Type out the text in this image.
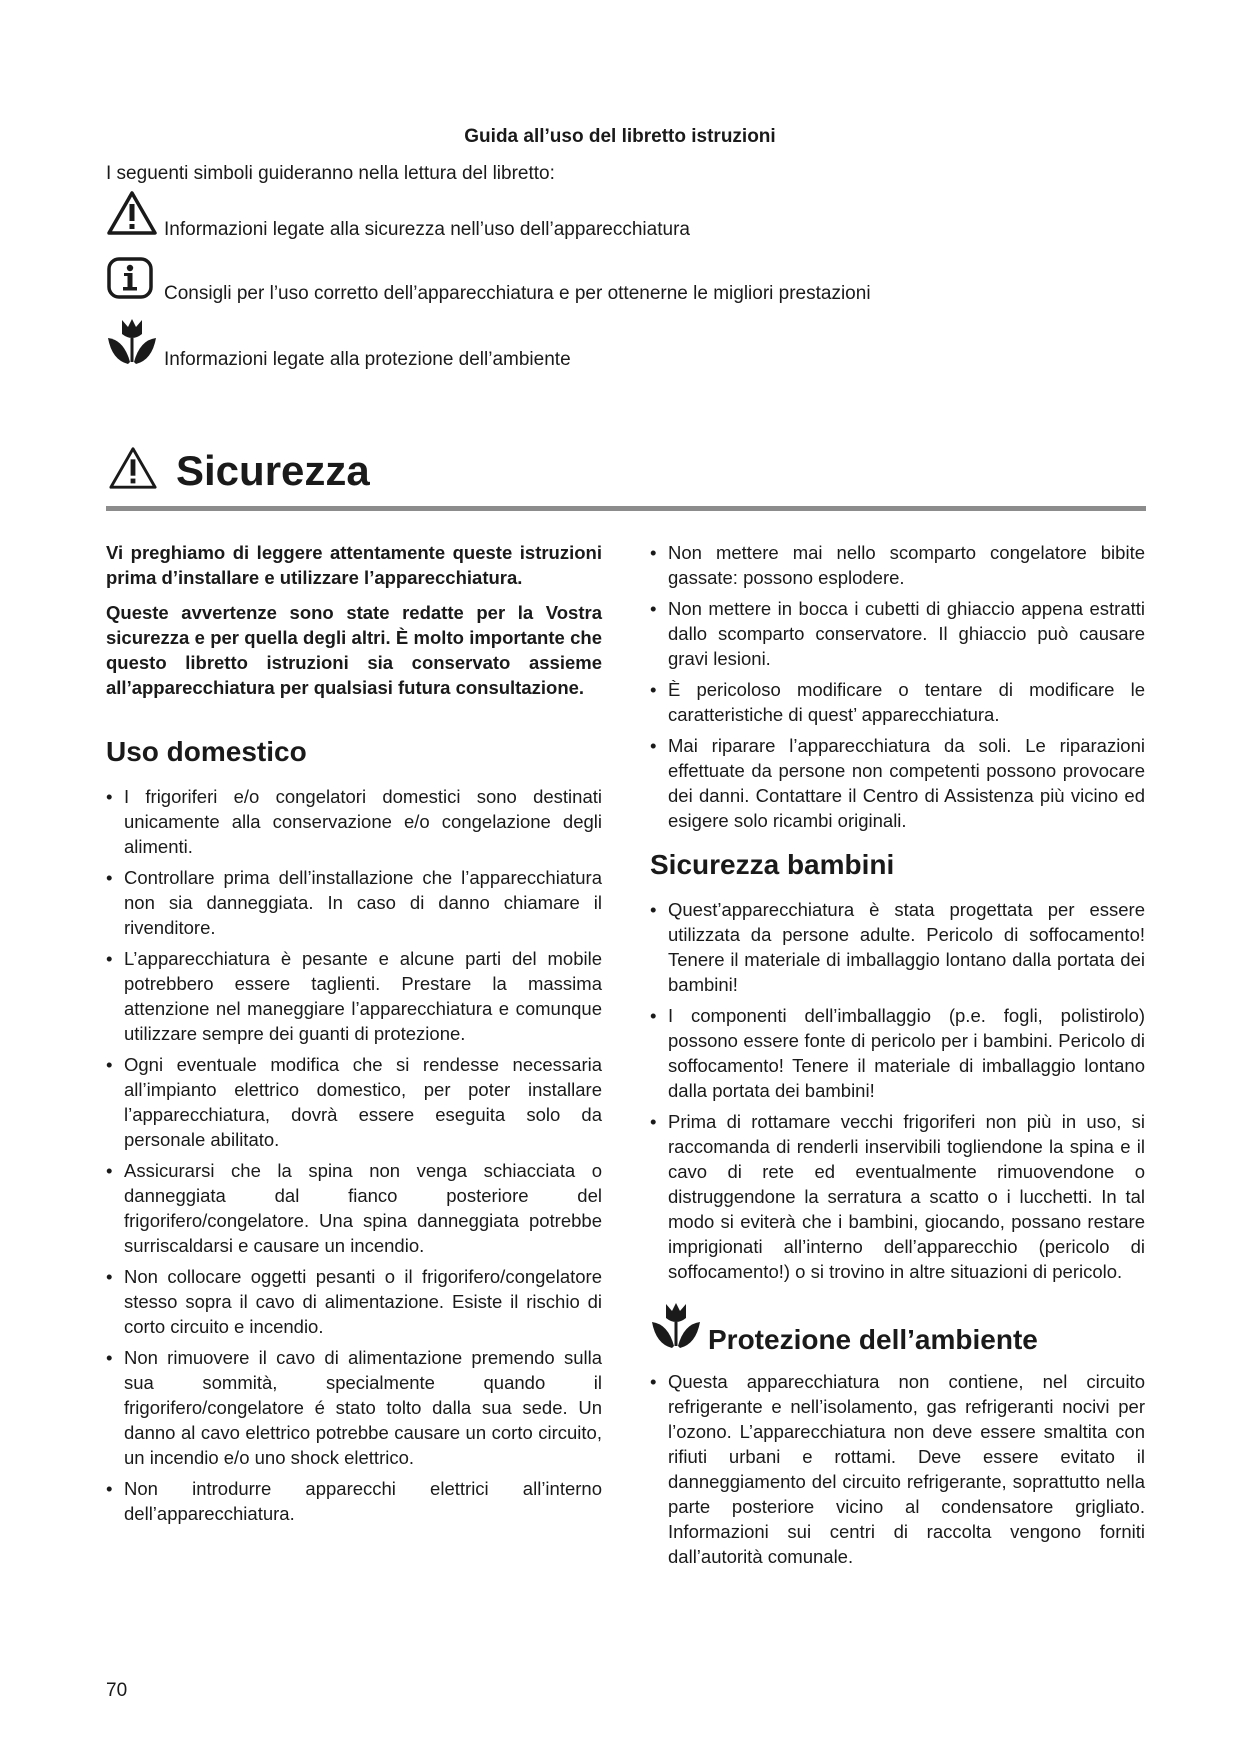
Guida all’uso del libretto istruzioni
I seguenti simboli guideranno nella lettura del libretto:
Informazioni legate alla sicurezza nell’uso dell’apparecchiatura
Consigli per l’uso corretto dell’apparecchiatura e per ottenerne le migliori prestazioni
Informazioni legate alla protezione dell’ambiente
Sicurezza

Vi preghiamo di leggere attentamente queste istruzioni prima d’installare e utilizzare l’apparecchiatura.

Queste avvertenze sono state redatte per la Vostra sicurezza e per quella degli altri. È molto importante che questo libretto istruzioni sia conservato assieme all’apparecchiatura per qualsiasi futura consultazione.

Uso domestico
• I frigoriferi e/o congelatori domestici sono destinati unicamente alla conservazione e/o congelazione degli alimenti.
• Controllare prima dell’installazione che l’apparecchiatura non sia danneggiata. In caso di danno chiamare il rivenditore.
• L’apparecchiatura è pesante e alcune parti del mobile potrebbero essere taglienti. Prestare la massima attenzione nel maneggiare l’apparecchiatura e comunque utilizzare sempre dei guanti di protezione.
• Ogni eventuale modifica che si rendesse necessaria all’impianto elettrico domestico, per poter installare l’apparecchiatura, dovrà essere eseguita solo da personale abilitato.
• Assicurarsi che la spina non venga schiacciata o danneggiata dal fianco posteriore del frigorifero/congelatore. Una spina danneggiata potrebbe surriscaldarsi e causare un incendio.
• Non collocare oggetti pesanti o il frigorifero/congelatore stesso sopra il cavo di alimentazione. Esiste il rischio di corto circuito e incendio.
• Non rimuovere il cavo di alimentazione premendo sulla sua sommità, specialmente quando il frigorifero/congelatore é stato tolto dalla sua sede. Un danno al cavo elettrico potrebbe causare un corto circuito, un incendio e/o uno shock elettrico.
• Non introdurre apparecchi elettrici all’interno dell’apparecchiatura.
• Non mettere mai nello scomparto congelatore bibite gassate: possono esplodere.
• Non mettere in bocca i cubetti di ghiaccio appena estratti dallo scomparto conservatore. Il ghiaccio può causare gravi lesioni.
• È pericoloso modificare o tentare di modificare le caratteristiche di quest’ apparecchiatura.
• Mai riparare l’apparecchiatura da soli. Le riparazioni effettuate da persone non competenti possono provocare dei danni. Contattare il Centro di Assistenza più vicino ed esigere solo ricambi originali.
Sicurezza bambini
• Quest’apparecchiatura è stata progettata per essere utilizzata da persone adulte. Pericolo di soffocamento! Tenere il materiale di imballaggio lontano dalla portata dei bambini!
• I componenti dell’imballaggio (p.e. fogli, polistirolo) possono essere fonte di pericolo per i bambini. Pericolo di soffocamento! Tenere il materiale di imballaggio lontano dalla portata dei bambini!
• Prima di rottamare vecchi frigoriferi non più in uso, si raccomanda di renderli inservibili togliendone la spina e il cavo di rete ed eventualmente rimuovendone o distruggendone la serratura a scatto o i lucchetti. In tal modo si eviterà che i bambini, giocando, possano restare imprigionati all’interno dell’apparecchio (pericolo di soffocamento!) o si trovino in altre situazioni di pericolo.
Protezione dell’ambiente
• Questa apparecchiatura non contiene, nel circuito refrigerante e nell’isolamento, gas refrigeranti nocivi per l’ozono. L’apparecchiatura non deve essere smaltita con rifiuti urbani e rottami. Deve essere evitato il danneggiamento del circuito refrigerante, soprattutto nella parte posteriore vicino al condensatore grigliato. Informazioni sui centri di raccolta vengono forniti dall’autorità comunale.
70
